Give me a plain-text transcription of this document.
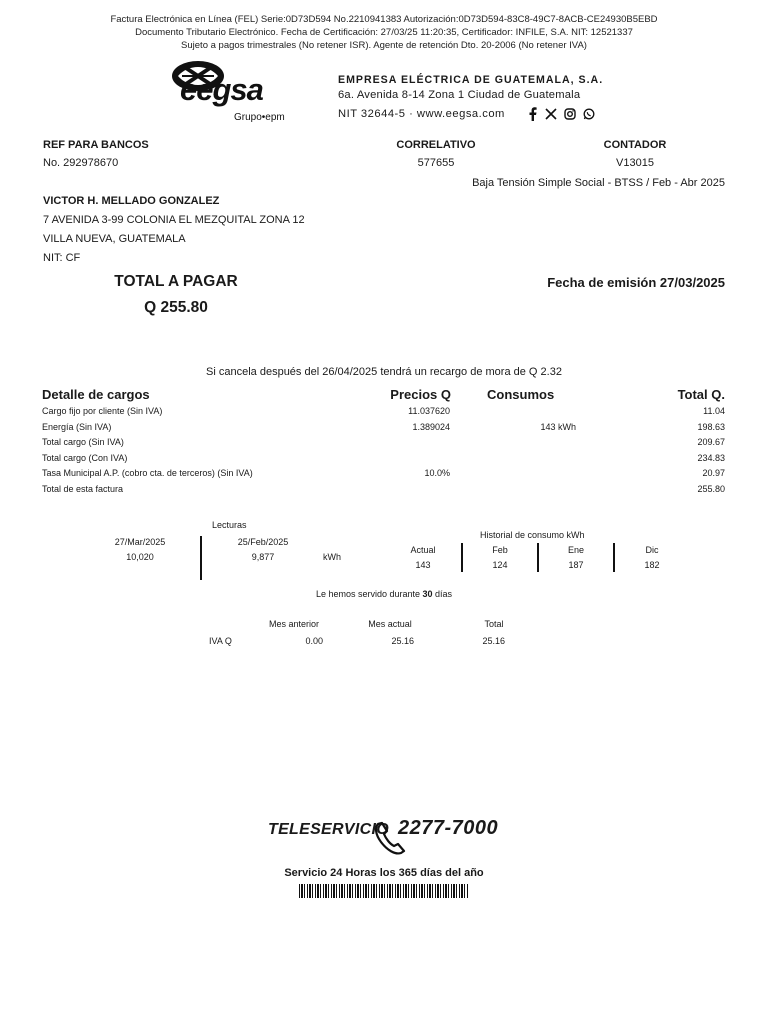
Factura Electrónica en Línea (FEL) Serie:0D73D594 No.2210941383 Autorización:0D73D594-83C8-49C7-8ACB-CE24930B5EBD
Documento Tributario Electrónico. Fecha de Certificación: 27/03/25 11:20:35, Certificador: INFILE, S.A. NIT: 12521337
Sujeto a pagos trimestrales (No retener ISR). Agente de retención Dto. 20-2006 (No retener IVA)
eegsa
Grupo•epm
EMPRESA ELÉCTRICA DE GUATEMALA, S.A.
6a. Avenida 8-14 Zona 1 Ciudad de Guatemala
NIT 32644-5 · www.eegsa.com
REF PARA BANCOS
No. 292978670
CORRELATIVO
577655
CONTADOR
V13015
Baja Tensión Simple Social - BTSS / Feb - Abr 2025
VICTOR H. MELLADO GONZALEZ
7 AVENIDA 3-99 COLONIA EL MEZQUITAL ZONA 12
VILLA NUEVA, GUATEMALA
NIT: CF
TOTAL A PAGAR
Q 255.80
Fecha de emisión 27/03/2025
Si cancela después del 26/04/2025 tendrá un recargo de mora de Q 2.32
Detalle de cargos	Precios Q	Consumos	Total Q.
Cargo fijo por cliente (Sin IVA)	11.037620	11.04
Energía (Sin IVA)	1.389024	143 kWh	198.63
Total cargo (Sin IVA)	209.67
Total cargo (Con IVA)	234.83
Tasa Municipal A.P. (cobro cta. de terceros) (Sin IVA)	10.0%	20.97
Total de esta factura	255.80
Lecturas
27/Mar/2025
10,020
25/Feb/2025
9,877	kWh
Historial de consumo kWh
Actual
143
Feb
124
Ene
187
Dic
182
Le hemos servido durante 30 días
Mes anterior	Mes actual	Total
IVA Q	0.00	25.16	25.16
TELESERVICIO 2277-7000
Servicio 24 Horas los 365 días del año
